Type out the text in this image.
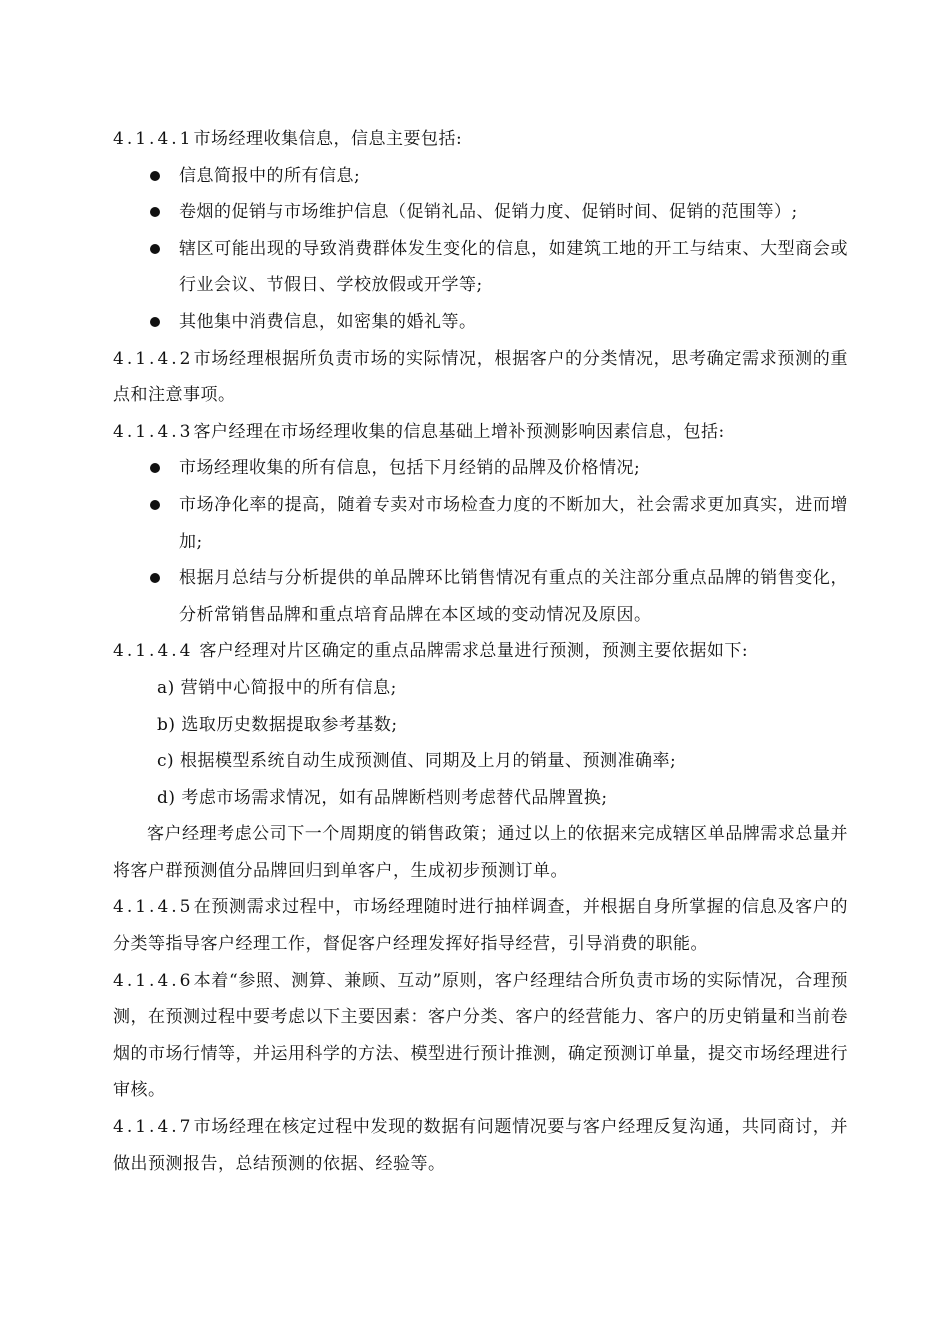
4.1.4.1市场经理收集信息，信息主要包括:

信息简报中的所有信息;
卷烟的促销与市场维护信息（促销礼品、促销力度、促销时间、促销的范围等）;
辖区可能出现的导致消费群体发生变化的信息，如建筑工地的开工与结束、大型商会或行业会议、节假日、学校放假或开学等;
其他集中消费信息，如密集的婚礼等。

4.1.4.2市场经理根据所负责市场的实际情况，根据客户的分类情况，思考确定需求预测的重点和注意事项。

4.1.4.3客户经理在市场经理收集的信息基础上增补预测影响因素信息，包括:

市场经理收集的所有信息，包括下月经销的品牌及价格情况;
市场净化率的提高，随着专卖对市场检查力度的不断加大，社会需求更加真实，进而增加;
根据月总结与分析提供的单品牌环比销售情况有重点的关注部分重点品牌的销售变化，分析常销售品牌和重点培育品牌在本区域的变动情况及原因。

4.1.4.4 客户经理对片区确定的重点品牌需求总量进行预测，预测主要依据如下:

a) 营销中心简报中的所有信息;
b) 选取历史数据提取参考基数;
c) 根据模型系统自动生成预测值、同期及上月的销量、预测准确率;
d) 考虑市场需求情况，如有品牌断档则考虑替代品牌置换;

客户经理考虑公司下一个周期度的销售政策；通过以上的依据来完成辖区单品牌需求总量并将客户群预测值分品牌回归到单客户，生成初步预测订单。

4.1.4.5在预测需求过程中，市场经理随时进行抽样调查，并根据自身所掌握的信息及客户的分类等指导客户经理工作，督促客户经理发挥好指导经营，引导消费的职能。

4.1.4.6本着“参照、测算、兼顾、互动”原则，客户经理结合所负责市场的实际情况，合理预测，在预测过程中要考虑以下主要因素：客户分类、客户的经营能力、客户的历史销量和当前卷烟的市场行情等，并运用科学的方法、模型进行预计推测，确定预测订单量，提交市场经理进行审核。

4.1.4.7市场经理在核定过程中发现的数据有问题情况要与客户经理反复沟通，共同商讨，并做出预测报告，总结预测的依据、经验等。
